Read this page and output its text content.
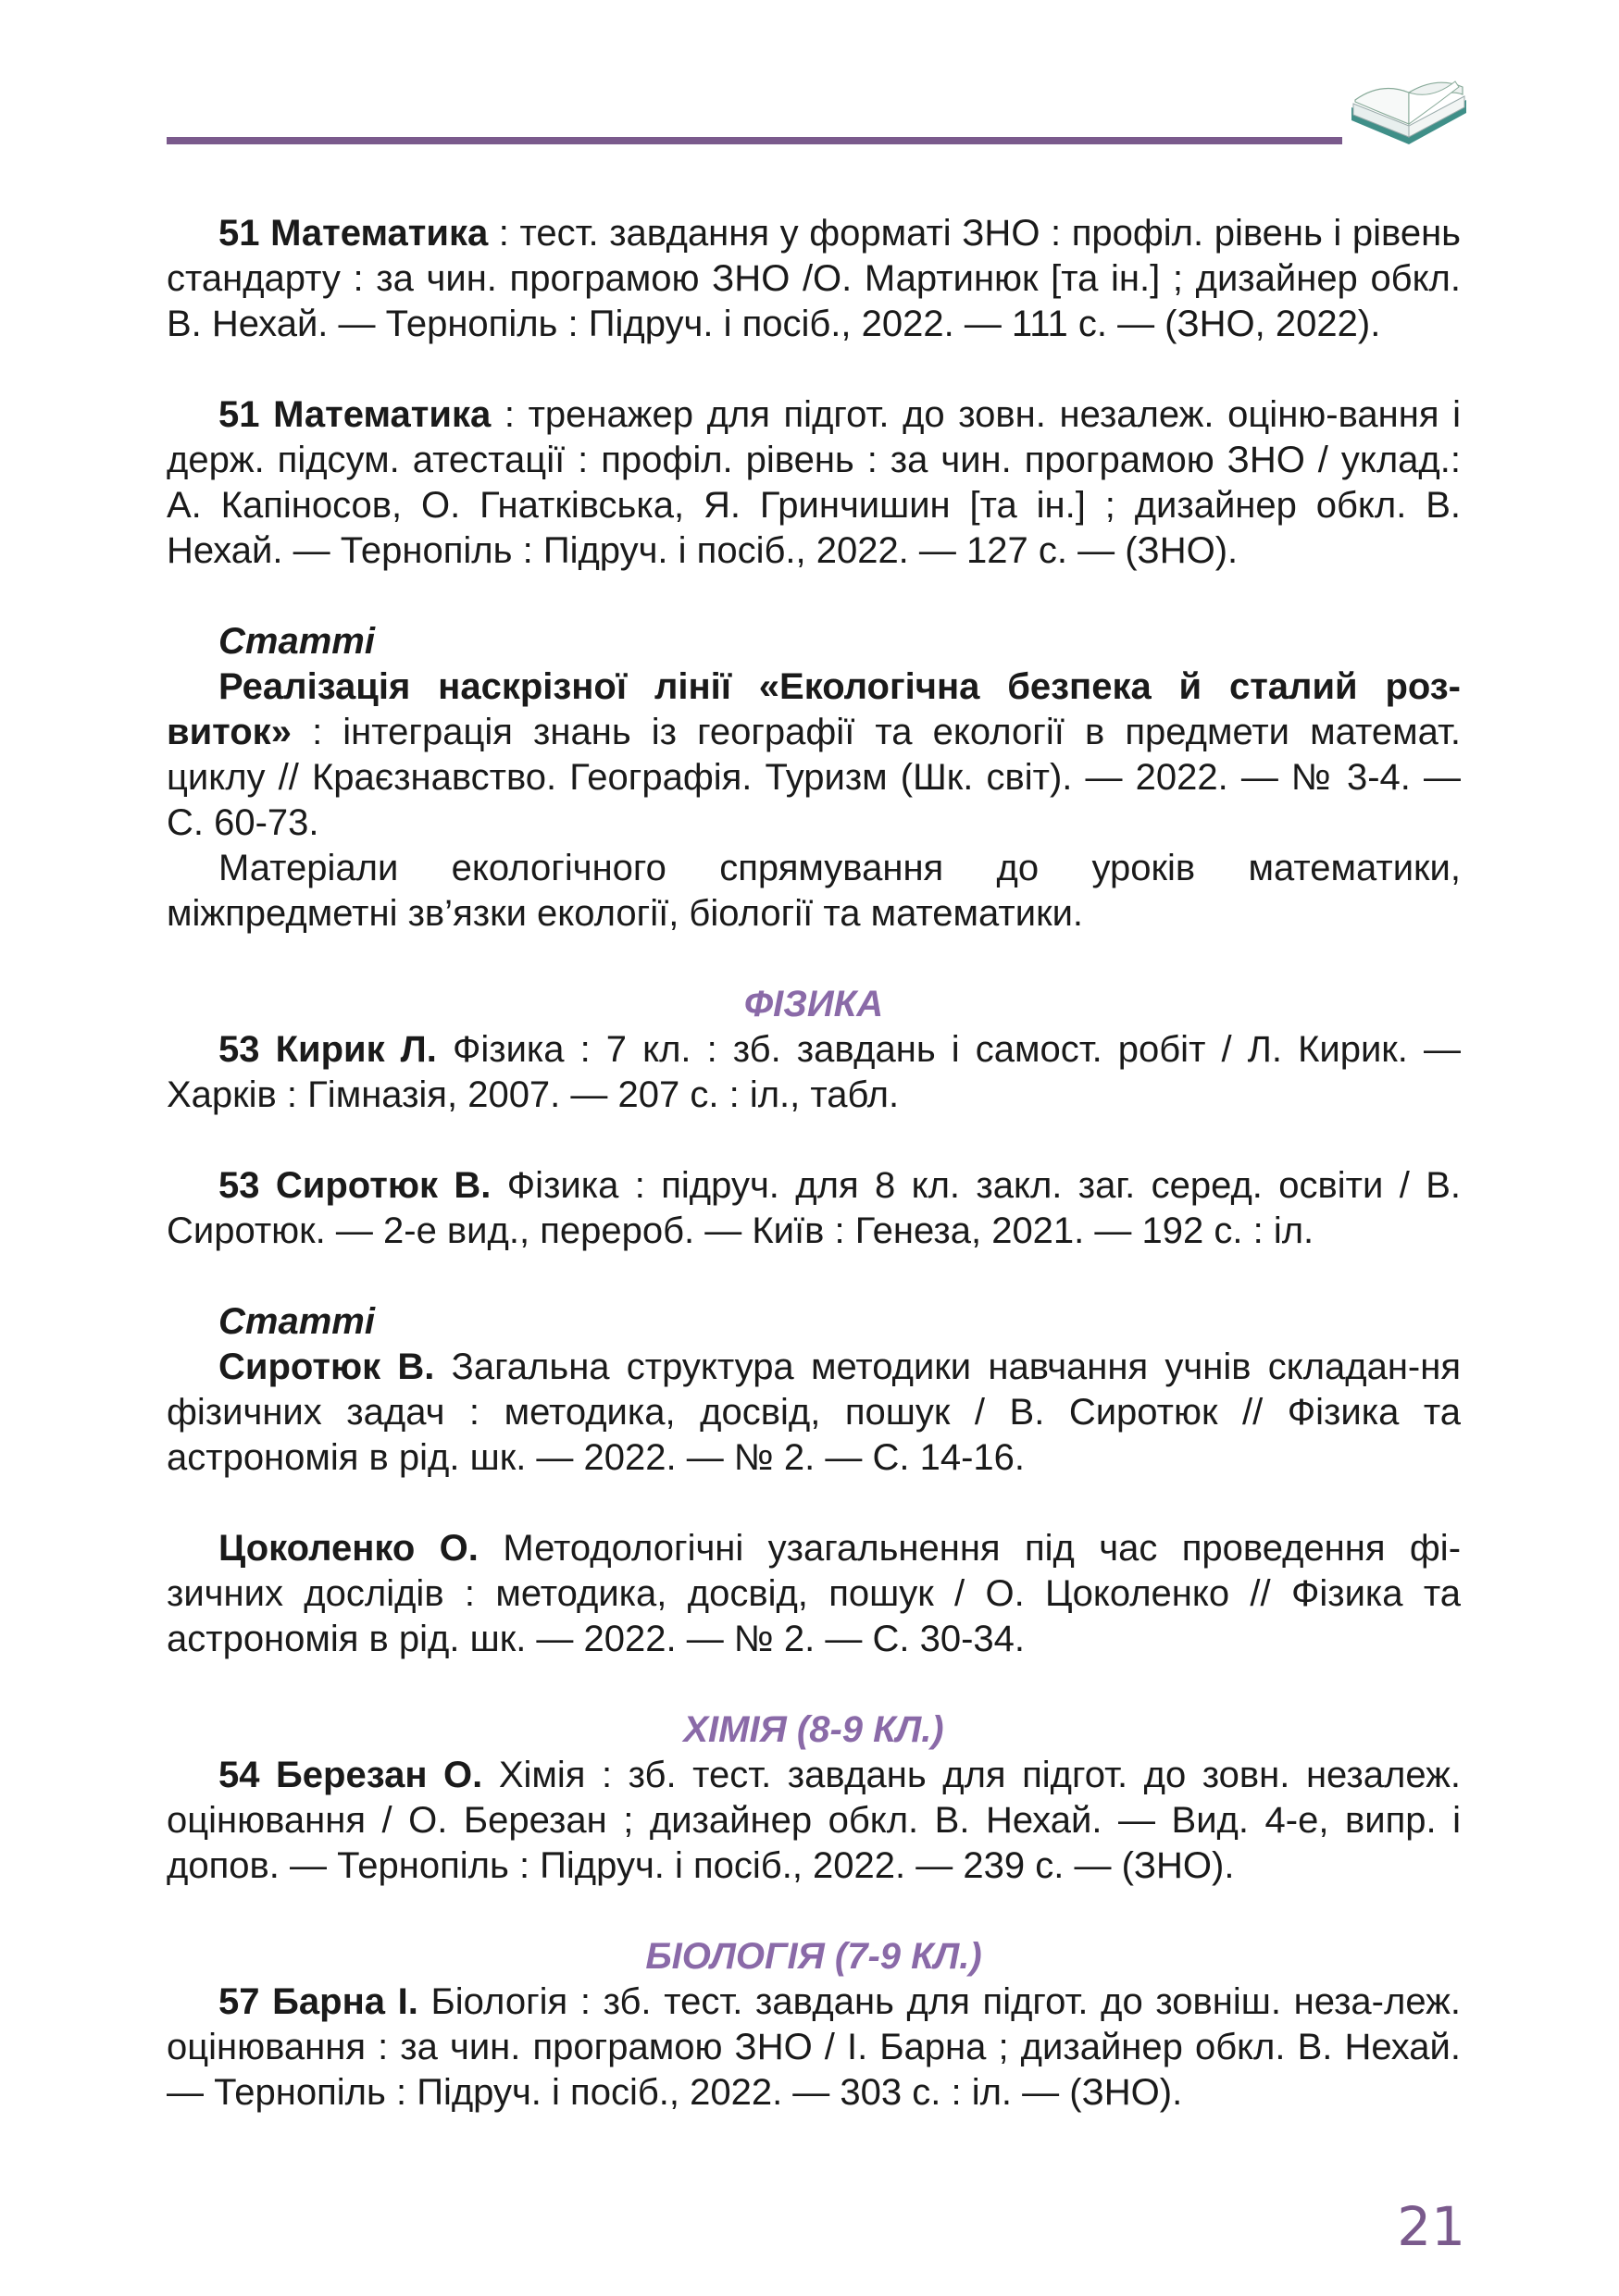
51 Математика : тест. завдання у форматі ЗНО : профіл. рівень і рівень стандарту : за чин. програмою ЗНО /О. Мартинюк [та ін.] ; дизайнер обкл. В. Нехай. — Тернопіль : Підруч. і посіб., 2022. — 111 с. — (ЗНО, 2022).

51 Математика : тренажер для підгот. до зовн. незалеж. оціню-вання і держ. підсум. атестації : профіл. рівень : за чин. програмою ЗНО / уклад.: А. Капіносов, О. Гнатківська, Я. Гринчишин [та ін.] ; дизайнер обкл. В. Нехай. — Тернопіль : Підруч. і посіб., 2022. — 127 с. — (ЗНО).

Статті

Реалізація наскрізної лінії «Екологічна безпека й сталий роз-виток» : інтеграція знань із географії та екології в предмети математ. циклу // Краєзнавство. Географія. Туризм (Шк. світ). — 2022. — № 3-4. — С. 60-73.

Матеріали екологічного спрямування до уроків математики, міжпредметні зв’язки екології, біології та математики.

ФІЗИКА

53 Кирик Л. Фізика : 7 кл. : зб. завдань і самост. робіт / Л. Кирик. — Харків : Гімназія, 2007. — 207 с. : іл., табл.

53 Сиротюк В. Фізика : підруч. для 8 кл. закл. заг. серед. освіти / В. Сиротюк. — 2-е вид., перероб. — Київ : Генеза, 2021. — 192 с. : іл.

Статті

Сиротюк В. Загальна структура методики навчання учнів складан-ня фізичних задач : методика, досвід, пошук / В. Сиротюк // Фізика та астрономія в рід. шк. — 2022. — № 2. — С. 14-16.

Цоколенко О. Методологічні узагальнення під час проведення фі-зичних дослідів : методика, досвід, пошук / О. Цоколенко // Фізика та астрономія в рід. шк. — 2022. — № 2. — С. 30-34.

ХІМІЯ (8-9 КЛ.)

54 Березан О. Хімія : зб. тест. завдань для підгот. до зовн. незалеж. оцінювання / О. Березан ; дизайнер обкл. В. Нехай. — Вид. 4-е, випр. і допов. — Тернопіль : Підруч. і посіб., 2022. — 239 с. — (ЗНО).

БІОЛОГІЯ (7-9 КЛ.)

57 Барна І. Біологія : зб. тест. завдань для підгот. до зовніш. неза-леж. оцінювання : за чин. програмою ЗНО / І. Барна ; дизайнер обкл. В. Нехай. — Тернопіль : Підруч. і посіб., 2022. — 303 с. : іл. — (ЗНО).

21
